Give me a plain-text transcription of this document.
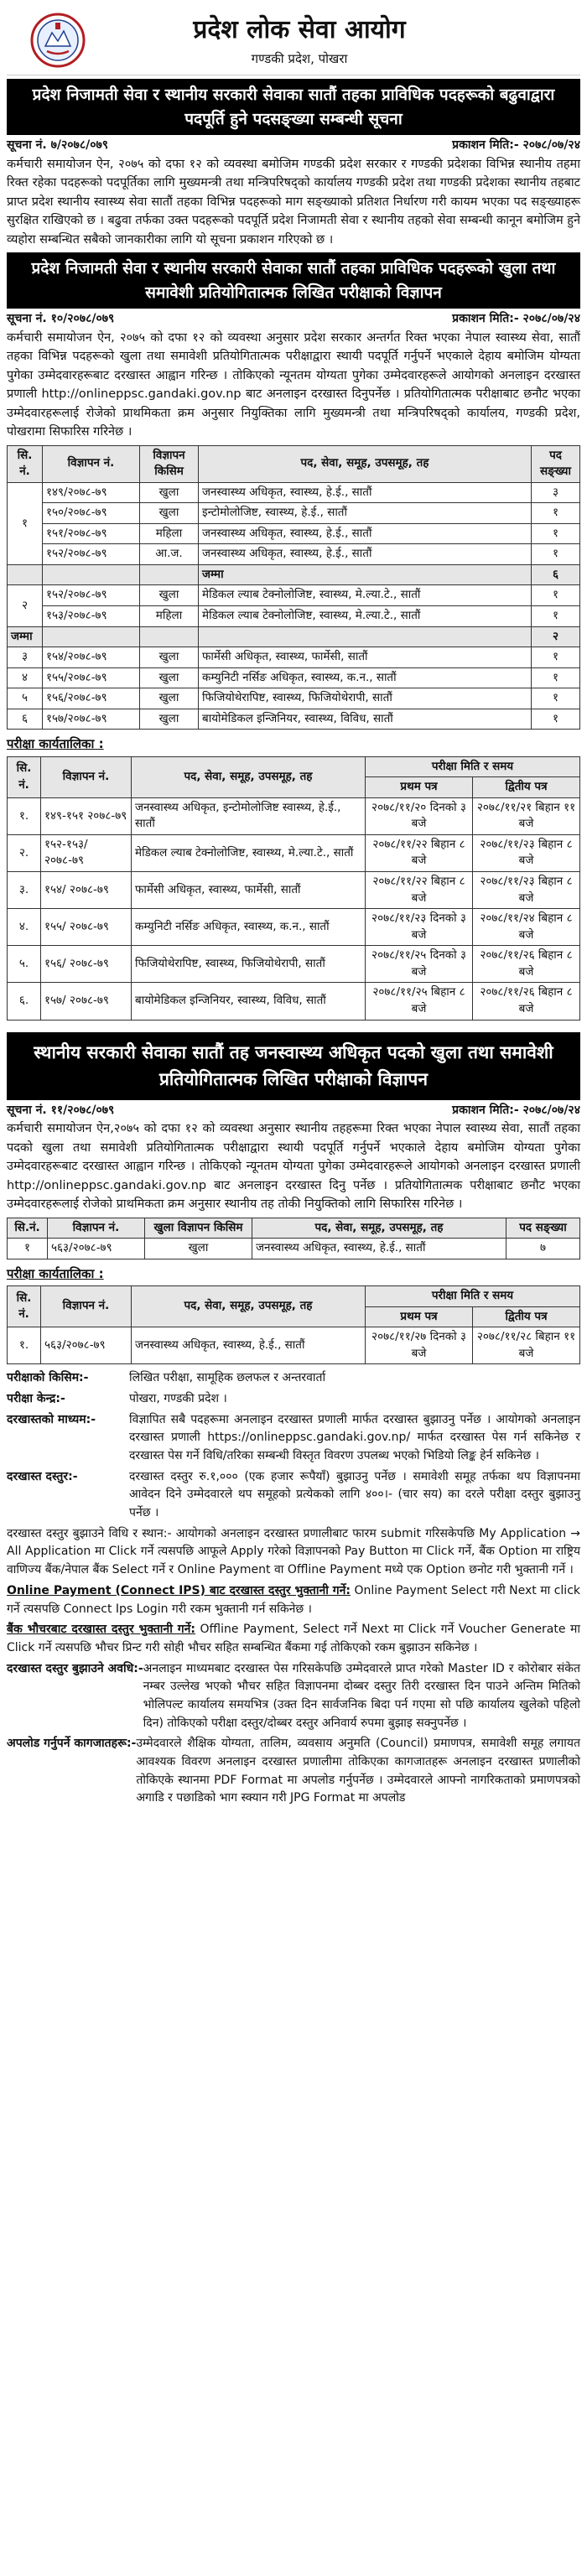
प्रदेश लोक सेवा आयोग
गण्डकी प्रदेश, पोखरा
प्रदेश निजामती सेवा र स्थानीय सरकारी सेवाका सातौं तहका प्राविधिक पदहरूको बढुवाद्वारा पदपूर्ति हुने पदसङ्ख्या सम्बन्धी सूचना
सूचना नं. ७/२०७८/०७९	प्रकाशन मिति:- २०७८/०७/२४

कर्मचारी समायोजन ऐन, २०७५ को दफा १२ को व्यवस्था बमोजिम गण्डकी प्रदेश सरकार र गण्डकी प्रदेशका विभिन्न स्थानीय तहमा रिक्त रहेका पदहरूको पदपूर्तिका लागि मुख्यमन्त्री तथा मन्त्रिपरिषद्को कार्यालय गण्डकी प्रदेश तथा गण्डकी प्रदेशका स्थानीय तहबाट प्राप्त प्रदेश स्थानीय स्वास्थ्य सेवा सातौं तहका विभिन्न पदहरूको माग सङ्ख्याको प्रतिशत निर्धारण गरी कायम भएका पद सङ्ख्याहरू सुरक्षित राखिएको छ । बढुवा तर्फका उक्त पदहरूको पदपूर्ति प्रदेश निजामती सेवा र स्थानीय तहको सेवा सम्बन्धी कानून बमोजिम हुने व्यहोरा सम्बन्धित सबैको जानकारीका लागि यो सूचना प्रकाशन गरिएको छ ।

प्रदेश निजामती सेवा र स्थानीय सरकारी सेवाका सातौं तहका प्राविधिक पदहरूको खुला तथा समावेशी प्रतियोगितात्मक लिखित परीक्षाको विज्ञापन
सूचना नं. १०/२०७८/०७९	प्रकाशन मिति:- २०७८/०७/२४

कर्मचारी समायोजन ऐन, २०७५ को दफा १२ को व्यवस्था अनुसार प्रदेश सरकार अन्तर्गत रिक्त भएका नेपाल स्वास्थ्य सेवा, सातौं तहका विभिन्न पदहरूको खुला तथा समावेशी प्रतियोगितात्मक परीक्षाद्वारा स्थायी पदपूर्ति गर्नुपर्ने भएकाले देहाय बमोजिम योग्यता पुगेका उम्मेदवारहरूबाट दरखास्त आह्वान गरिन्छ । तोकिएको न्यूनतम योग्यता पुगेका उम्मेदवारहरूले आयोगको अनलाइन दरखास्त प्रणाली http://onlineppsc.gandaki.gov.np बाट अनलाइन दरखास्त दिनुपर्नेछ । प्रतियोगितात्मक परीक्षाबाट छनौट भएका उम्मेदवारहरूलाई रोजेको प्राथमिकता क्रम अनुसार नियुक्तिका लागि मुख्यमन्त्री तथा मन्त्रिपरिषद्को कार्यालय, गण्डकी प्रदेश, पोखरामा सिफारिस गरिनेछ ।

सि. नं.	विज्ञापन नं.	विज्ञापन किसिम	पद, सेवा, समूह, उपसमूह, तह	पद सङ्ख्या
१	१४९/२०७८-७९	खुला	जनस्वास्थ्य अधिकृत, स्वास्थ्य, हे.ई., सातौं	३
	१५०/२०७८-७९	खुला	इन्टोमोलोजिष्ट, स्वास्थ्य, हे.ई., सातौं	१
	१५१/२०७८-७९	महिला	जनस्वास्थ्य अधिकृत, स्वास्थ्य, हे.ई., सातौं	१
	१५२/२०७८-७९	आ.ज.	जनस्वास्थ्य अधिकृत, स्वास्थ्य, हे.ई., सातौं	१
			जम्मा	६
२	१५२/२०७८-७९	खुला	मेडिकल ल्याब टेक्नोलोजिष्ट, स्वास्थ्य, मे.ल्या.टे., सातौं	१
	१५३/२०७८-७९	महिला	मेडिकल ल्याब टेक्नोलोजिष्ट, स्वास्थ्य, मे.ल्या.टे., सातौं	१
जम्मा				२
३	१५४/२०७८-७९	खुला	फार्मेसी अधिकृत, स्वास्थ्य, फार्मेसी, सातौं	१
४	१५५/२०७८-७९	खुला	कम्युनिटी नर्सिङ अधिकृत, स्वास्थ्य, क.न., सातौं	१
५	१५६/२०७८-७९	खुला	फिजियोथेरापिष्ट, स्वास्थ्य, फिजियोथेरापी, सातौं	१
६	१५७/२०७८-७९	खुला	बायोमेडिकल इन्जिनियर, स्वास्थ्य, विविध, सातौं	१
परीक्षा कार्यतालिका :
सि. नं.	विज्ञापन नं.	पद, सेवा, समूह, उपसमूह, तह	परीक्षा मिति र समय	
			प्रथम पत्र	द्वितीय पत्र
१.	१४९-१५१ २०७८-७९	जनस्वास्थ्य अधिकृत, इन्टोमोलोजिष्ट स्वास्थ्य, हे.ई., सातौं	२०७८/११/२० दिनको ३ बजे	२०७८/११/२१ बिहान ११ बजे
२.	१५२-१५३/ २०७८-७९	मेडिकल ल्याब टेक्नोलोजिष्ट, स्वास्थ्य, मे.ल्या.टे., सातौं	२०७८/११/२२ बिहान ८ बजे	२०७८/११/२३ बिहान ८ बजे
३.	१५४/ २०७८-७९	फार्मेसी अधिकृत, स्वास्थ्य, फार्मेसी, सातौं	२०७८/११/२२ बिहान ८ बजे	२०७८/११/२३ बिहान ८ बजे
४.	१५५/ २०७८-७९	कम्युनिटी नर्सिङ अधिकृत, स्वास्थ्य, क.न., सातौं	२०७८/११/२३ दिनको ३ बजे	२०७८/११/२४ बिहान ८ बजे
५.	१५६/ २०७८-७९	फिजियोथेरापिष्ट, स्वास्थ्य, फिजियोथेरापी, सातौं	२०७८/११/२५ दिनको ३ बजे	२०७८/११/२६ बिहान ८ बजे
६.	१५७/ २०७८-७९	बायोमेडिकल इन्जिनियर, स्वास्थ्य, विविध, सातौं	२०७८/११/२५ बिहान ८ बजे	२०७८/११/२६ बिहान ८ बजे
स्थानीय सरकारी सेवाका सातौं तह जनस्वास्थ्य अधिकृत पदको खुला तथा समावेशी प्रतियोगितात्मक लिखित परीक्षाको विज्ञापन
सूचना नं. ११/२०७८/०७९	प्रकाशन मिति:- २०७८/०७/२४

कर्मचारी समायोजन ऐन,२०७५ को दफा १२ को व्यवस्था अनुसार स्थानीय तहहरूमा रिक्त भएका नेपाल स्वास्थ्य सेवा, सातौं तहका पदको खुला तथा समावेशी प्रतियोगितात्मक परीक्षाद्वारा स्थायी पदपूर्ति गर्नुपर्ने भएकाले देहाय बमोजिम योग्यता पुगेका उम्मेदवारहरूबाट दरखास्त आह्वान गरिन्छ । तोकिएको न्यूनतम योग्यता पुगेका उम्मेदवारहरूले आयोगको अनलाइन दरखास्त प्रणाली http://onlineppsc.gandaki.gov.np बाट अनलाइन दरखास्त दिनु पर्नेछ । प्रतियोगितात्मक परीक्षाबाट छनौट भएका उम्मेदवारहरूलाई रोजेको प्राथमिकता क्रम अनुसार स्थानीय तह तोकी नियुक्तिको लागि सिफारिस गरिनेछ ।

सि.नं.	विज्ञापन नं.	खुला विज्ञापन किसिम	पद, सेवा, समूह, उपसमूह, तह	पद सङ्ख्या
१	५६३/२०७८-७९	खुला	जनस्वास्थ्य अधिकृत, स्वास्थ्य, हे.ई., सातौं	७
परीक्षा कार्यतालिका :
सि. नं.	विज्ञापन नं.	पद, सेवा, समूह, उपसमूह, तह	परीक्षा मिति र समय	
			प्रथम पत्र	द्वितीय पत्र
१.	५६३/२०७८-७९	जनस्वास्थ्य अधिकृत, स्वास्थ्य, हे.ई., सातौं	२०७८/११/२७ दिनको ३ बजे	२०७८/११/२८ बिहान ११ बजे
परीक्षाको किसिम:-	लिखित परीक्षा, सामूहिक छलफल र अन्तरवार्ता
परीक्षा केन्द्र:-	पोखरा, गण्डकी प्रदेश ।
दरखास्तको माध्यम:-	विज्ञापित सबै पदहरूमा अनलाइन दरखास्त प्रणाली मार्फत दरखास्त बुझाउनु पर्नेछ । आयोगको अनलाइन दरखास्त प्रणाली https://onlineppsc.gandaki.gov.np/ मार्फत दरखास्त पेस गर्न सकिनेछ र दरखास्त पेस गर्ने विधि/तरिका सम्बन्धी विस्तृत विवरण उपलब्ध भएको भिडियो लिङ्क हेर्न सकिनेछ ।
दरखास्त दस्तुर:-	दरखास्त दस्तुर रु.१,००० (एक हजार रूपैयाँ) बुझाउनु पर्नेछ । समावेशी समूह तर्फका थप विज्ञापनमा आवेदन दिने उम्मेदवारले थप समूहको प्रत्येकको लागि ४००।- (चार सय) का दरले परीक्षा दस्तुर बुझाउनु पर्नेछ ।
दरखास्त दस्तुर बुझाउने विधि र स्थान:- आयोगको अनलाइन दरखास्त प्रणालीबाट फारम submit गरिसकेपछि My Application → All Application मा Click गर्ने त्यसपछि आफूले Apply गरेको विज्ञापनको Pay Button मा Click गर्ने, बैंक Option मा राष्ट्रिय वाणिज्य बैंक/नेपाल बैंक Select गर्ने र Online Payment वा Offline Payment मध्ये एक Option छनोट गरी भुक्तानी गर्ने ।
Online Payment (Connect IPS) बाट दरखास्त दस्तुर भुक्तानी गर्ने: Online Payment Select गरी Next मा click गर्ने त्यसपछि Connect Ips Login गरी रकम भुक्तानी गर्न सकिनेछ ।
बैंक भौचरबाट दरखास्त दस्तुर भुक्तानी गर्ने: Offline Payment, Select गर्ने Next मा Click गर्ने Voucher Generate मा Click गर्ने त्यसपछि भौचर प्रिन्ट गरी सोही भौचर सहित सम्बन्धित बैंकमा गई तोकिएको रकम बुझाउन सकिनेछ ।
दरखास्त दस्तुर बुझाउने अवधि:- अनलाइन माध्यमबाट दरखास्त पेस गरिसकेपछि उम्मेदवारले प्राप्त गरेको Master ID र कोरोबार संकेत नम्बर उल्लेख भएको भौचर सहित विज्ञापनमा दोब्बर दस्तुर तिरी दरखास्त दिन पाउने अन्तिम मितिको भोलिपल्ट कार्यालय समयभित्र (उक्त दिन सार्वजनिक बिदा पर्न गएमा सो पछि कार्यालय खुलेको पहिलो दिन) तोकिएको परीक्षा दस्तुर/दोब्बर दस्तुर अनिवार्य रुपमा बुझाइ सक्नुपर्नेछ ।
अपलोड गर्नुपर्ने कागजातहरू:- उम्मेदवारले शैक्षिक योग्यता, तालिम, व्यवसाय अनुमति (Council) प्रमाणपत्र, समावेशी समूह लगायत आवश्यक विवरण अनलाइन दरखास्त प्रणालीमा तोकिएका कागजातहरू अनलाइन दरखास्त प्रणालीको तोकिएके स्थानमा PDF Format मा अपलोड गर्नुपर्नेछ । उम्मेदवारले आफ्नो नागरिकताको प्रमाणपत्रको अगाडि र पछाडिको भाग स्क्यान गरी JPG Format मा अपलोड
